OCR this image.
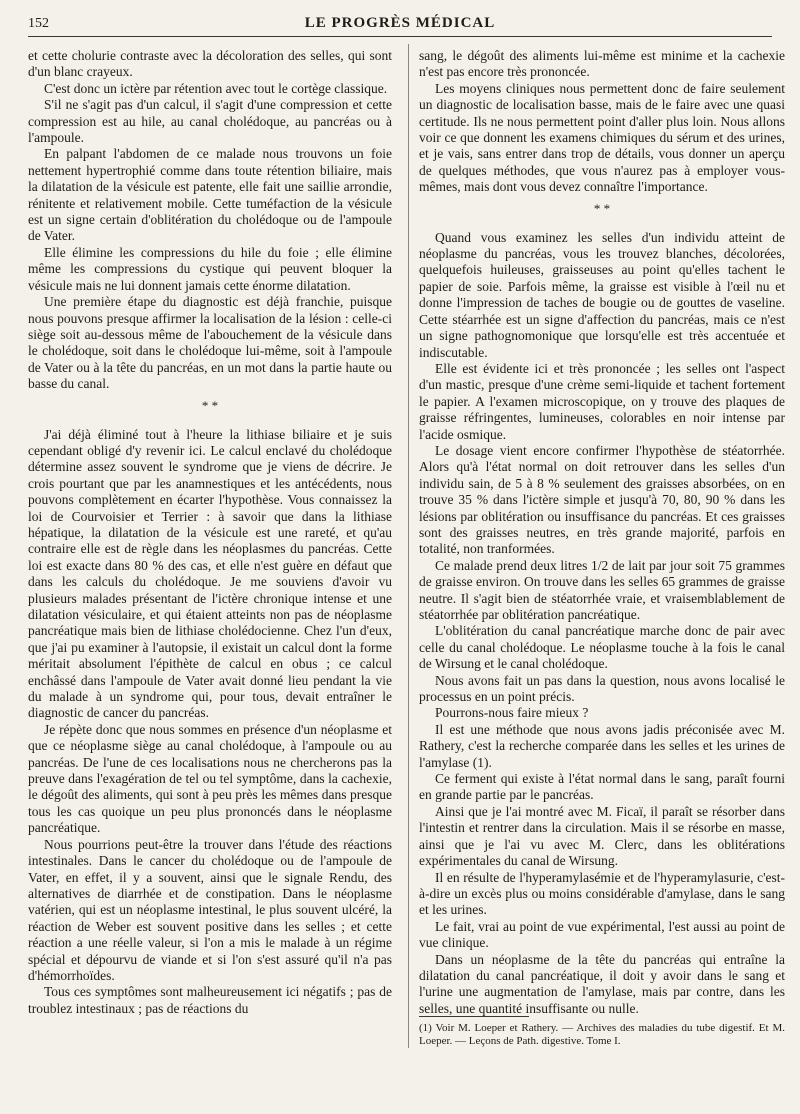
152	LE PROGRÈS MÉDICAL

et cette cholurie contraste avec la décoloration des selles, qui sont d'un blanc crayeux.

C'est donc un ictère par rétention avec tout le cortège classique.

S'il ne s'agit pas d'un calcul, il s'agit d'une compression et cette compression est au hile, au canal cholédoque, au pancréas ou à l'ampoule.

En palpant l'abdomen de ce malade nous trouvons un foie nettement hypertrophié comme dans toute rétention biliaire, mais la dilatation de la vésicule est patente, elle fait une saillie arrondie, rénitente et relativement mobile. Cette tuméfaction de la vésicule est un signe certain d'oblitération du cholédoque ou de l'ampoule de Vater.

Elle élimine les compressions du hile du foie ; elle élimine même les compressions du cystique qui peuvent bloquer la vésicule mais ne lui donnent jamais cette énorme dilatation.

Une première étape du diagnostic est déjà franchie, puisque nous pouvons presque affirmer la localisation de la lésion : celle-ci siège soit au-dessous même de l'abouchement de la vésicule dans le cholédoque, soit dans le cholédoque lui-même, soit à l'ampoule de Vater ou à la tête du pancréas, en un mot dans la partie haute ou basse du canal.

* *

J'ai déjà éliminé tout à l'heure la lithiase biliaire et je suis cependant obligé d'y revenir ici. Le calcul enclavé du cholédoque détermine assez souvent le syndrome que je viens de décrire. Je crois pourtant que par les anamnestiques et les antécédents, nous pouvons complètement en écarter l'hypothèse. Vous connaissez la loi de Courvoisier et Terrier : à savoir que dans la lithiase hépatique, la dilatation de la vésicule est une rareté, et qu'au contraire elle est de règle dans les néoplasmes du pancréas. Cette loi est exacte dans 80 % des cas, et elle n'est guère en défaut que dans les calculs du cholédoque. Je me souviens d'avoir vu plusieurs malades présentant de l'ictère chronique intense et une dilatation vésiculaire, et qui étaient atteints non pas de néoplasme pancréatique mais bien de lithiase cholédocienne. Chez l'un d'eux, que j'ai pu examiner à l'autopsie, il existait un calcul dont la forme méritait absolument l'épithète de calcul en obus ; ce calcul enchâssé dans l'ampoule de Vater avait donné lieu pendant la vie du malade à un syndrome qui, pour tous, devait entraîner le diagnostic de cancer du pancréas.

Je répète donc que nous sommes en présence d'un néoplasme et que ce néoplasme siège au canal cholédoque, à l'ampoule ou au pancréas. De l'une de ces localisations nous ne chercherons pas la preuve dans l'exagération de tel ou tel symptôme, dans la cachexie, le dégoût des aliments, qui sont à peu près les mêmes dans presque tous les cas quoique un peu plus prononcés dans le néoplasme pancréatique.

Nous pourrions peut-être la trouver dans l'étude des réactions intestinales. Dans le cancer du cholédoque ou de l'ampoule de Vater, en effet, il y a souvent, ainsi que le signale Rendu, des alternatives de diarrhée et de constipation. Dans le néoplasme vatérien, qui est un néoplasme intestinal, le plus souvent ulcéré, la réaction de Weber est souvent positive dans les selles ; et cette réaction a une réelle valeur, si l'on a mis le malade à un régime spécial et dépourvu de viande et si l'on s'est assuré qu'il n'a pas d'hémorrhoïdes.

Tous ces symptômes sont malheureusement ici négatifs ; pas de troublez intestinaux ; pas de réactions du

sang, le dégoût des aliments lui-même est minime et la cachexie n'est pas encore très prononcée.

Les moyens cliniques nous permettent donc de faire seulement un diagnostic de localisation basse, mais de le faire avec une quasi certitude. Ils ne nous permettent point d'aller plus loin. Nous allons voir ce que donnent les examens chimiques du sérum et des urines, et je vais, sans entrer dans trop de détails, vous donner un aperçu de quelques méthodes, que vous n'aurez pas à employer vous-mêmes, mais dont vous devez connaître l'importance.

* *

Quand vous examinez les selles d'un individu atteint de néoplasme du pancréas, vous les trouvez blanches, décolorées, quelquefois huileuses, graisseuses au point qu'elles tachent le papier de soie. Parfois même, la graisse est visible à l'œil nu et donne l'impression de taches de bougie ou de gouttes de vaseline. Cette stéarrhée est un signe d'affection du pancréas, mais ce n'est un signe pathognomonique que lorsqu'elle est très accentuée et indiscutable.

Elle est évidente ici et très prononcée ; les selles ont l'aspect d'un mastic, presque d'une crème semi-liquide et tachent fortement le papier. A l'examen microscopique, on y trouve des plaques de graisse réfringentes, lumineuses, colorables en noir intense par l'acide osmique.

Le dosage vient encore confirmer l'hypothèse de stéatorrhée. Alors qu'à l'état normal on doit retrouver dans les selles d'un individu sain, de 5 à 8 % seulement des graisses absorbées, on en trouve 35 % dans l'ictère simple et jusqu'à 70, 80, 90 % dans les lésions par oblitération ou insuffisance du pancréas. Et ces graisses sont des graisses neutres, en très grande majorité, parfois en totalité, non tranformées.

Ce malade prend deux litres 1/2 de lait par jour soit 75 grammes de graisse environ. On trouve dans les selles 65 grammes de graisse neutre. Il s'agit bien de stéatorrhée vraie, et vraisemblablement de stéatorrhée par oblitération pancréatique.

L'oblitération du canal pancréatique marche donc de pair avec celle du canal cholédoque. Le néoplasme touche à la fois le canal de Wirsung et le canal cholédoque.

Nous avons fait un pas dans la question, nous avons localisé le processus en un point précis.

Pourrons-nous faire mieux ?

Il est une méthode que nous avons jadis préconisée avec M. Rathery, c'est la recherche comparée dans les selles et les urines de l'amylase (1).

Ce ferment qui existe à l'état normal dans le sang, paraît fourni en grande partie par le pancréas.

Ainsi que je l'ai montré avec M. Ficaï, il paraît se résorber dans l'intestin et rentrer dans la circulation. Mais il se résorbe en masse, ainsi que je l'ai vu avec M. Clerc, dans les oblitérations expérimentales du canal de Wirsung.

Il en résulte de l'hyperamylasémie et de l'hyperamylasurie, c'est-à-dire un excès plus ou moins considérable d'amylase, dans le sang et les urines.

Le fait, vrai au point de vue expérimental, l'est aussi au point de vue clinique.

Dans un néoplasme de la tête du pancréas qui entraîne la dilatation du canal pancréatique, il doit y avoir dans le sang et l'urine une augmentation de l'amylase, mais par contre, dans les selles, une quantité insuffisante ou nulle.

(1) Voir M. Loeper et Rathery. — Archives des maladies du tube digestif. Et M. Loeper. — Leçons de Path. digestive. Tome I.
